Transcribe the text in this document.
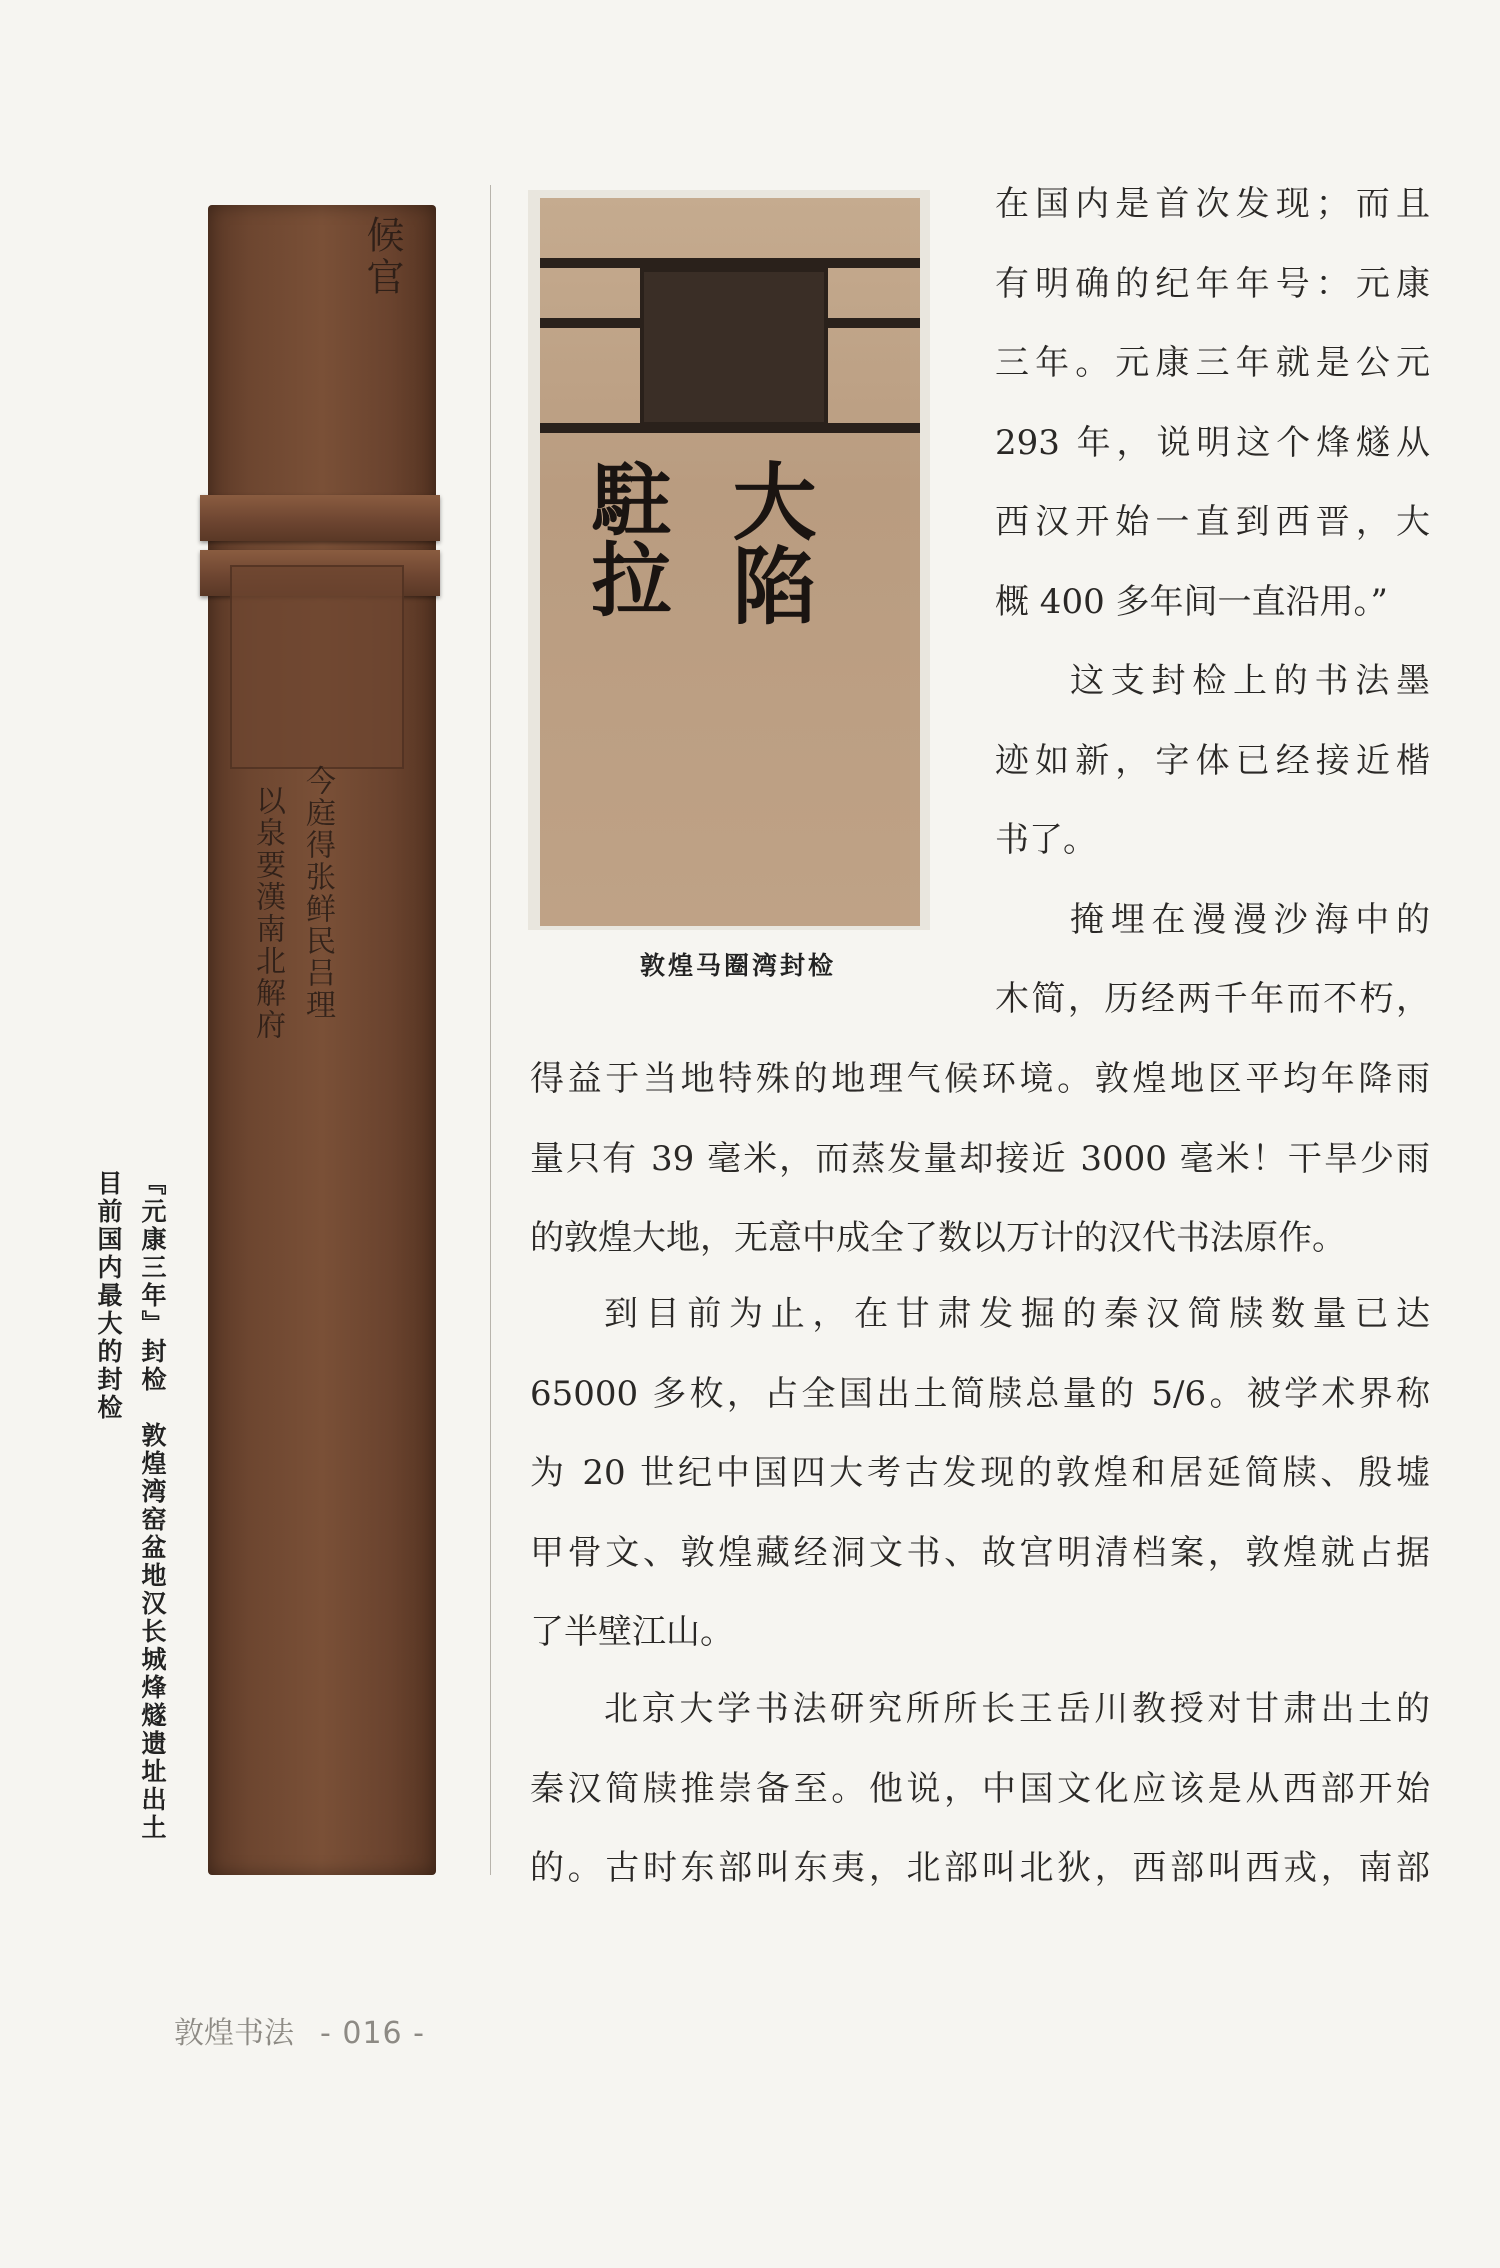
『元康三年』封检　敦煌湾窑盆地汉长城烽燧遗址出土
目前国内最大的封检
候官
今庭得张鲜民吕理
以泉要漢南北解府
大陷
駐拉
敦煌马圈湾封检
在国内是首次发现；而且
有明确的纪年年号：元康
三年。元康三年就是公元
293 年，说明这个烽燧从
西汉开始一直到西晋，大
概 400 多年间一直沿用。”
这支封检上的书法墨
迹如新，字体已经接近楷
书了。
掩埋在漫漫沙海中的
木简，历经两千年而不朽，
得益于当地特殊的地理气候环境。敦煌地区平均年降雨
量只有 39 毫米，而蒸发量却接近 3000 毫米！干旱少雨
的敦煌大地，无意中成全了数以万计的汉代书法原作。
到目前为止，在甘肃发掘的秦汉简牍数量已达
65000 多枚，占全国出土简牍总量的 5/6。被学术界称
为 20 世纪中国四大考古发现的敦煌和居延简牍、殷墟
甲骨文、敦煌藏经洞文书、故宫明清档案，敦煌就占据
了半壁江山。
北京大学书法研究所所长王岳川教授对甘肃出土的
秦汉简牍推崇备至。他说，中国文化应该是从西部开始
的。古时东部叫东夷，北部叫北狄，西部叫西戎，南部
敦煌书法 - 016 -
